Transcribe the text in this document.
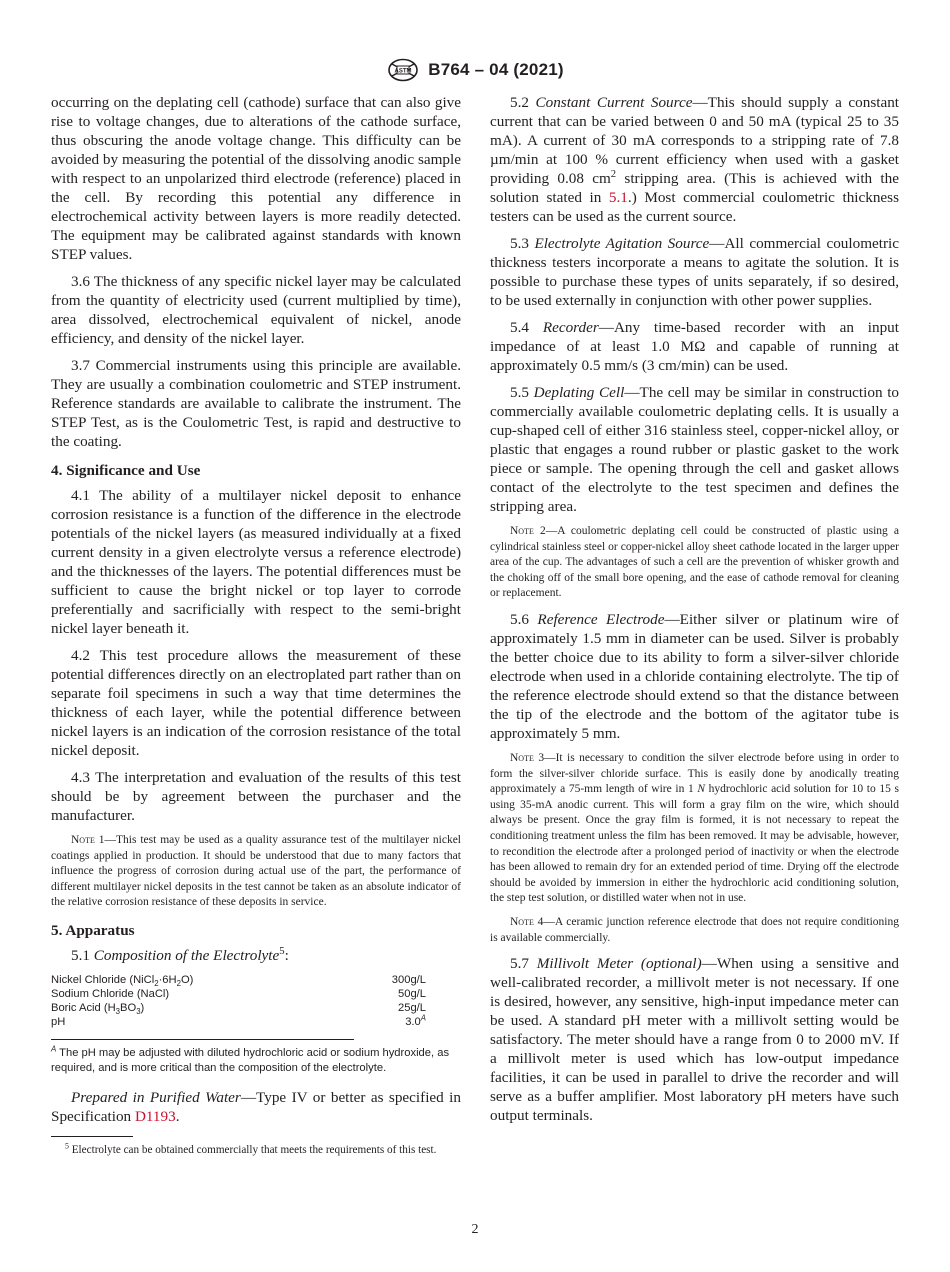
ASTM B764 – 04 (2021)

occurring on the deplating cell (cathode) surface that can also give rise to voltage changes, due to alterations of the cathode surface, thus obscuring the anode voltage change. This difficulty can be avoided by measuring the potential of the dissolving anodic sample with respect to an unpolarized third electrode (reference) placed in the cell. By recording this potential any difference in electrochemical activity between layers is more readily detected. The equipment may be calibrated against standards with known STEP values.

3.6 The thickness of any specific nickel layer may be calculated from the quantity of electricity used (current multiplied by time), area dissolved, electrochemical equivalent of nickel, anode efficiency, and density of the nickel layer.

3.7 Commercial instruments using this principle are available. They are usually a combination coulometric and STEP instrument. Reference standards are available to calibrate the instrument. The STEP Test, as is the Coulometric Test, is rapid and destructive to the coating.

4. Significance and Use

4.1 The ability of a multilayer nickel deposit to enhance corrosion resistance is a function of the difference in the electrode potentials of the nickel layers (as measured individually at a fixed current density in a given electrolyte versus a reference electrode) and the thicknesses of the layers. The potential differences must be sufficient to cause the bright nickel or top layer to corrode preferentially and sacrificially with respect to the semi-bright nickel layer beneath it.

4.2 This test procedure allows the measurement of these potential differences directly on an electroplated part rather than on separate foil specimens in such a way that time determines the thickness of each layer, while the potential difference between nickel layers is an indication of the corrosion resistance of the total nickel deposit.

4.3 The interpretation and evaluation of the results of this test should be by agreement between the purchaser and the manufacturer.

Note 1—This test may be used as a quality assurance test of the multilayer nickel coatings applied in production. It should be understood that due to many factors that influence the progress of corrosion during actual use of the part, the performance of different multilayer nickel deposits in the test cannot be taken as an absolute indicator of the relative corrosion resistance of these deposits in service.
5. Apparatus

5.1 Composition of the Electrolyte$^5$:

Nickel Chloride $(NiCl_2\cdot 6H_2O)$	300g/L
Sodium Chloride (NaCl)	50g/L
Boric Acid $(H_3BO_3)$	25g/L
pH	$3.0^A$
$^A$ The pH may be adjusted with diluted hydrochloric acid or sodium hydroxide, as required, and is more critical than the composition of the electrolyte.

Prepared in Purified Water—Type IV or better as specified in Specification D1193.

$^5$ Electrolyte can be obtained commercially that meets the requirements of this test.

5.2 Constant Current Source—This should supply a constant current that can be varied between 0 and 50 mA (typical 25 to 35 mA). A current of 30 mA corresponds to a stripping rate of 7.8 µm/min at 100 % current efficiency when used with a gasket providing 0.08 $cm^2$ stripping area. (This is achieved with the solution stated in 5.1.) Most commercial coulometric thickness testers can be used as the current source.

5.3 Electrolyte Agitation Source—All commercial coulometric thickness testers incorporate a means to agitate the solution. It is possible to purchase these types of units separately, if so desired, to be used externally in conjunction with other power supplies.

5.4 Recorder—Any time-based recorder with an input impedance of at least 1.0 MΩ and capable of running at approximately 0.5 mm/s (3 cm/min) can be used.

5.5 Deplating Cell—The cell may be similar in construction to commercially available coulometric deplating cells. It is usually a cup-shaped cell of either 316 stainless steel, copper-nickel alloy, or plastic that engages a round rubber or plastic gasket to the work piece or sample. The opening through the cell and gasket allows contact of the electrolyte to the test specimen and defines the stripping area.

Note 2—A coulometric deplating cell could be constructed of plastic using a cylindrical stainless steel or copper-nickel alloy sheet cathode located in the larger upper area of the cup. The advantages of such a cell are the prevention of whisker growth and the choking off of the small bore opening, and the ease of cathode removal for cleaning or replacement.

5.6 Reference Electrode—Either silver or platinum wire of approximately 1.5 mm in diameter can be used. Silver is probably the better choice due to its ability to form a silver-silver chloride electrode when used in a chloride containing electrolyte. The tip of the reference electrode should extend so that the distance between the tip of the electrode and the bottom of the agitator tube is approximately 5 mm.

Note 3—It is necessary to condition the silver electrode before using in order to form the silver-silver chloride surface. This is easily done by anodically treating approximately a 75-mm length of wire in 1 N hydrochloric acid solution for 10 to 15 s using 35-mA anodic current. This will form a gray film on the wire, which should always be present. Once the gray film is formed, it is not necessary to repeat the conditioning treatment unless the film has been removed. It may be advisable, however, to recondition the electrode after a prolonged period of inactivity or when the electrode has been allowed to remain dry for an extended period of time. Drying off the electrode should be avoided by immersion in either the hydrochloric acid conditioning solution, the step test solution, or distilled water when not in use.
Note 4—A ceramic junction reference electrode that does not require conditioning is available commercially.

5.7 Millivolt Meter (optional)—When using a sensitive and well-calibrated recorder, a millivolt meter is not necessary. If one is desired, however, any sensitive, high-input impedance meter can be used. A standard pH meter with a millivolt setting would be satisfactory. The meter should have a range from 0 to 2000 mV. If a millivolt meter is used which has low-output impedance facilities, it can be used in parallel to drive the recorder and will serve as a buffer amplifier. Most laboratory pH meters have such output terminals.

2
